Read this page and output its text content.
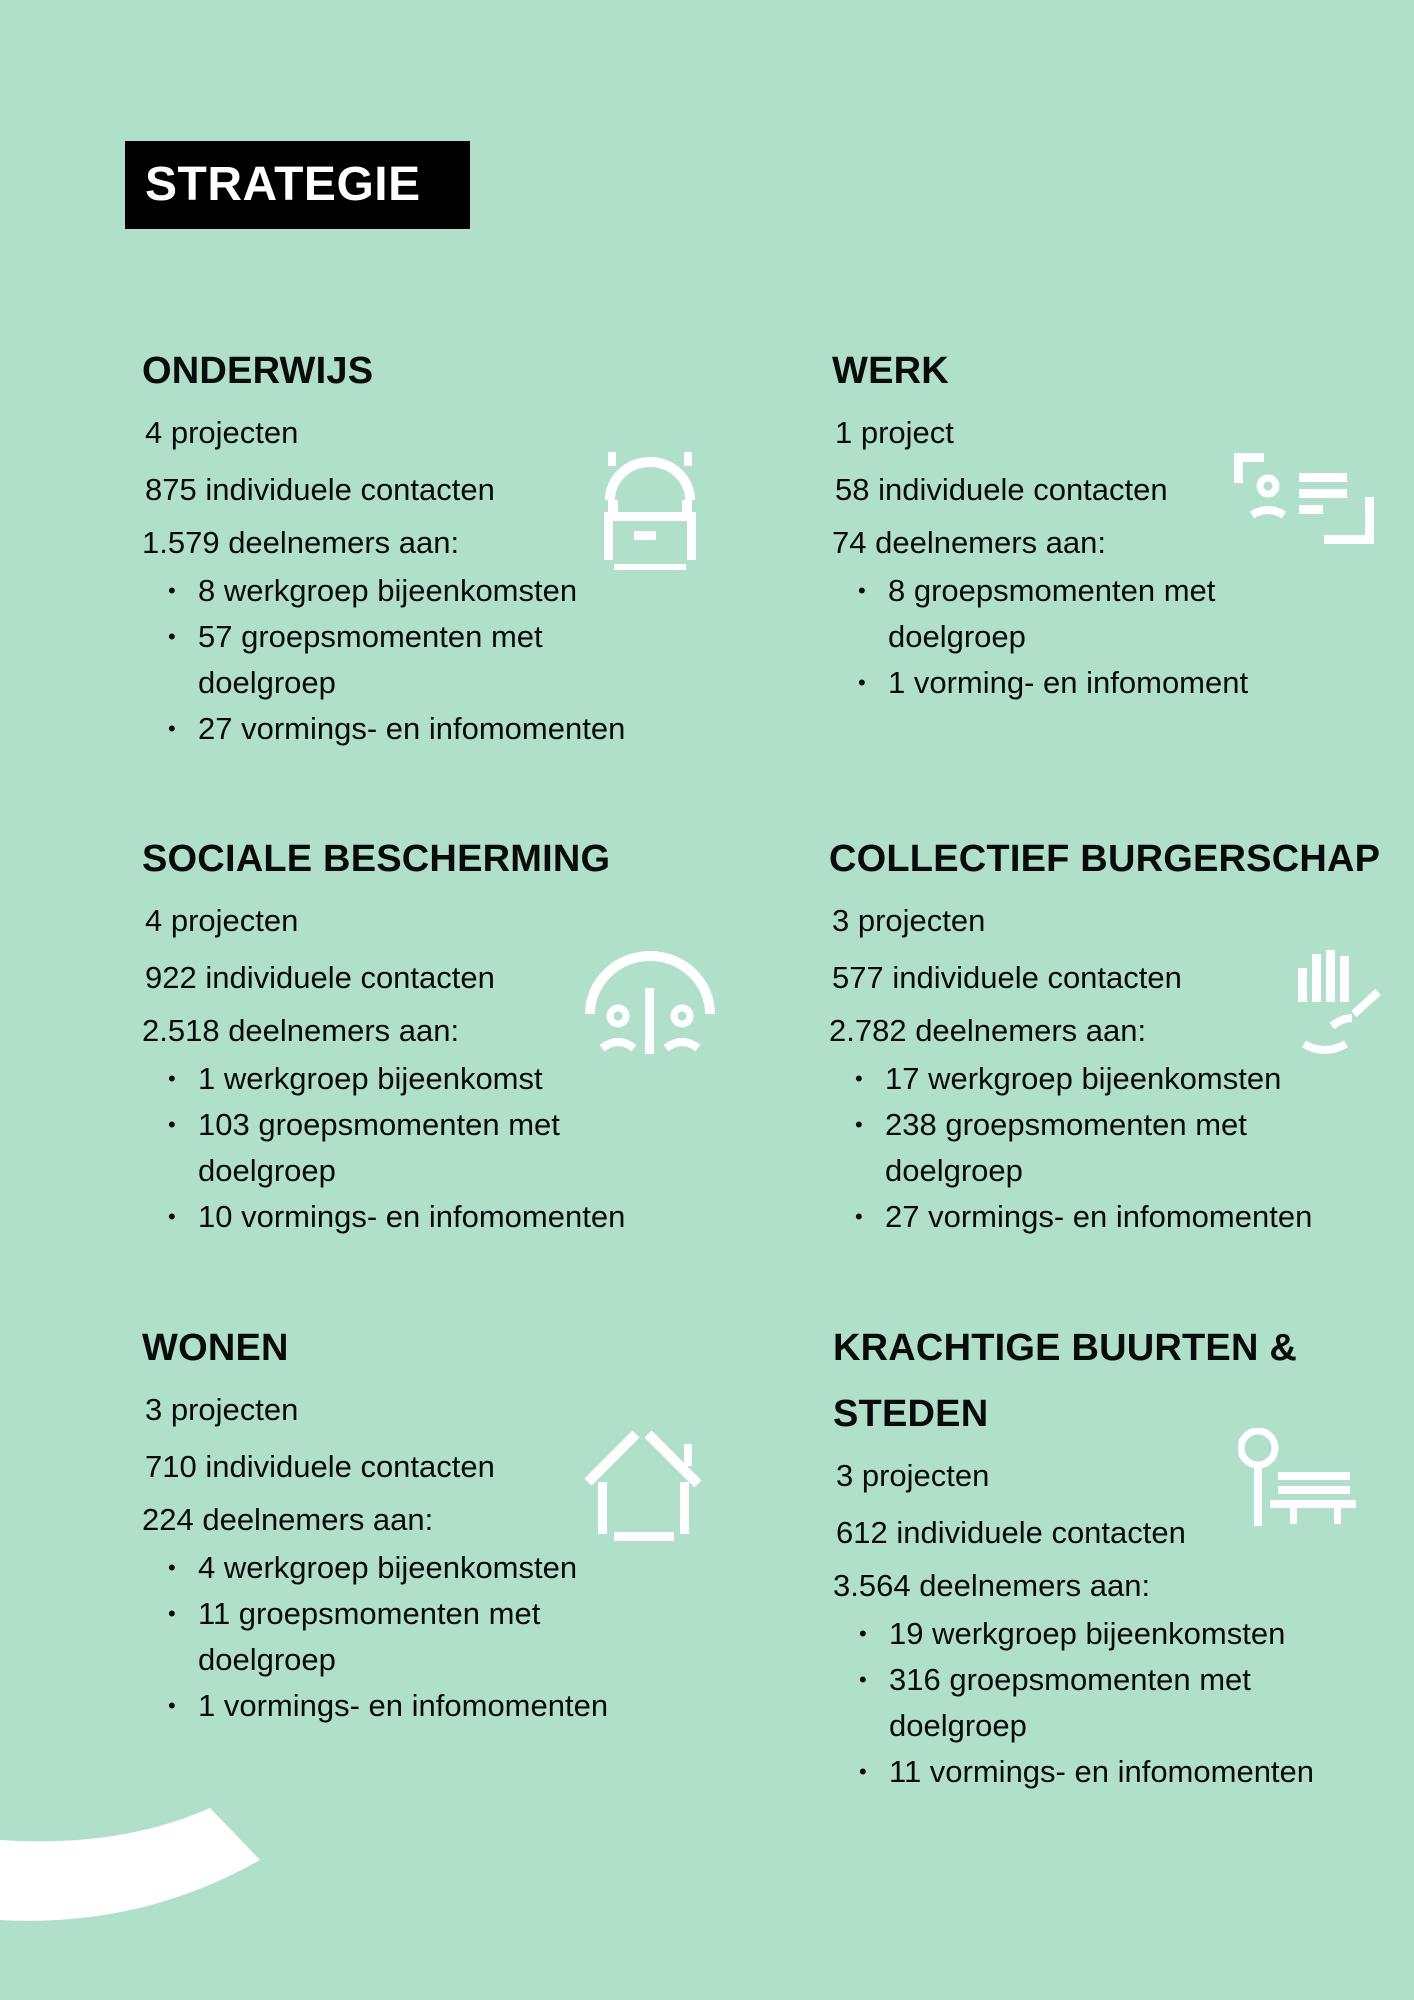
STRATEGIE
ONDERWIJS

4 projecten

875 individuele contacten

1.579 deelnemers aan:

• 8 werkgroep bijeenkomsten
• 57 groepsmomenten met doelgroep
• 27 vormings- en infomomenten
WERK

1 project

58 individuele contacten

74 deelnemers aan:

• 8 groepsmomenten met doelgroep
• 1 vorming- en infomoment
SOCIALE BESCHERMING

4 projecten

922 individuele contacten

2.518 deelnemers aan:

• 1 werkgroep bijeenkomst
• 103 groepsmomenten met doelgroep
• 10 vormings- en infomomenten
COLLECTIEF BURGERSCHAP

3 projecten

577 individuele contacten

2.782 deelnemers aan:

• 17 werkgroep bijeenkomsten
• 238 groepsmomenten met doelgroep
• 27 vormings- en infomomenten
WONEN

3 projecten

710 individuele contacten

224 deelnemers aan:

• 4 werkgroep bijeenkomsten
• 11 groepsmomenten met doelgroep
• 1 vormings- en infomomenten
KRACHTIGE BUURTEN & STEDEN

3 projecten

612 individuele contacten

3.564 deelnemers aan:

• 19 werkgroep bijeenkomsten
• 316 groepsmomenten met doelgroep
• 11 vormings- en infomomenten
